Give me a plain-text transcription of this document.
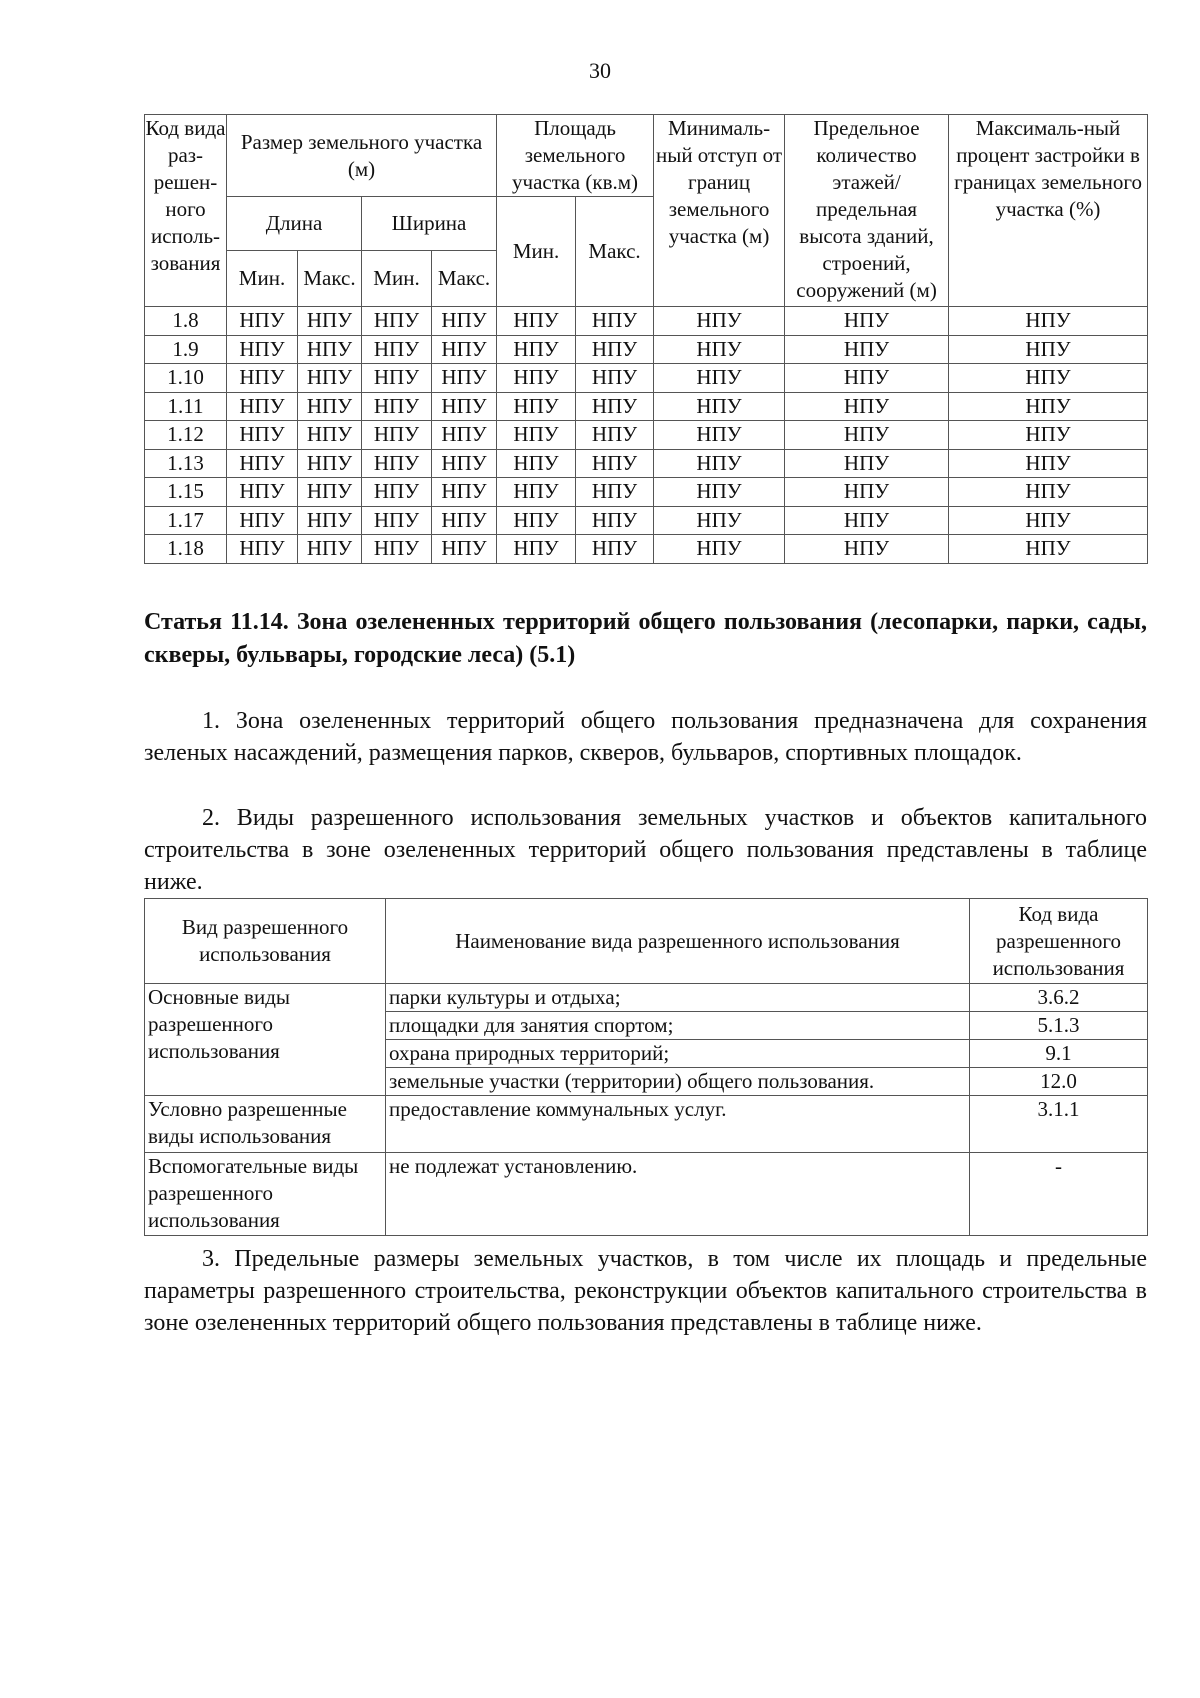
30
Код вида раз-решен-ного исполь-зования	Размер земельного участка (м)				Площадь земельного участка (кв.м)		Минималь-ный отступ от границ земельного участка (м)	Предельное количество этажей/ предельная высота зданий, строений, сооружений (м)	Максималь-ный процент застройки в границах земельного участка (%)
	Длина		Ширина		Мин.	Макс.			
	Мин.	Макс.	Мин.	Макс.					
1.8	НПУ	НПУ	НПУ	НПУ	НПУ	НПУ	НПУ	НПУ	НПУ
1.9	НПУ	НПУ	НПУ	НПУ	НПУ	НПУ	НПУ	НПУ	НПУ
1.10	НПУ	НПУ	НПУ	НПУ	НПУ	НПУ	НПУ	НПУ	НПУ
1.11	НПУ	НПУ	НПУ	НПУ	НПУ	НПУ	НПУ	НПУ	НПУ
1.12	НПУ	НПУ	НПУ	НПУ	НПУ	НПУ	НПУ	НПУ	НПУ
1.13	НПУ	НПУ	НПУ	НПУ	НПУ	НПУ	НПУ	НПУ	НПУ
1.15	НПУ	НПУ	НПУ	НПУ	НПУ	НПУ	НПУ	НПУ	НПУ
1.17	НПУ	НПУ	НПУ	НПУ	НПУ	НПУ	НПУ	НПУ	НПУ
1.18	НПУ	НПУ	НПУ	НПУ	НПУ	НПУ	НПУ	НПУ	НПУ

Статья 11.14. Зона озелененных территорий общего пользования (лесопарки, парки, сады, скверы, бульвары, городские леса) (5.1)

1. Зона озелененных территорий общего пользования предназначена для сохранения зеленых насаждений, размещения парков, скверов, бульваров, спортивных площадок.

2. Виды разрешенного использования земельных участков и объектов капитального строительства в зоне озелененных территорий общего пользования представлены в таблице ниже.

Вид разрешенного использования	Наименование вида разрешенного использования	Код вида разрешенного использования
Основные виды разрешенного использования	парки культуры и отдыха;	3.6.2
	площадки для занятия спортом;	5.1.3
	охрана природных территорий;	9.1
	земельные участки (территории) общего пользования.	12.0
Условно разрешенные виды использования	предоставление коммунальных услуг.	3.1.1
Вспомогательные виды разрешенного использования	не подлежат установлению.	-

3. Предельные размеры земельных участков, в том числе их площадь и предельные параметры разрешенного строительства, реконструкции объектов капитального строительства в зоне озелененных территорий общего пользования представлены в таблице ниже.
